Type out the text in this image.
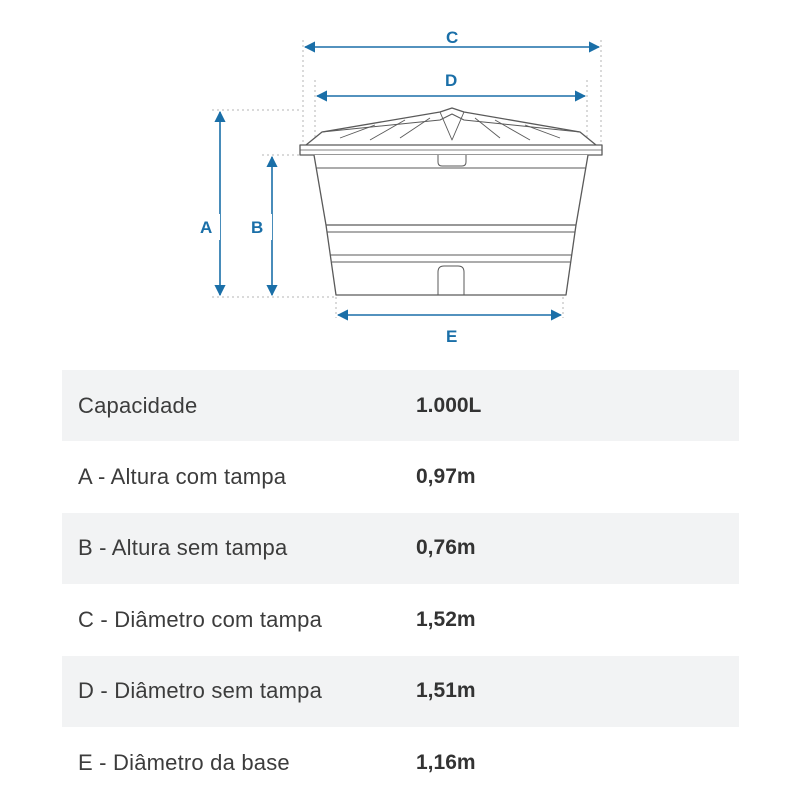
A B
C
D
E
Capacidade	1.000L
A - Altura com tampa	0,97m
B - Altura sem tampa	0,76m
C - Diâmetro com tampa	1,52m
D - Diâmetro sem tampa	1,51m
E - Diâmetro da base	1,16m
